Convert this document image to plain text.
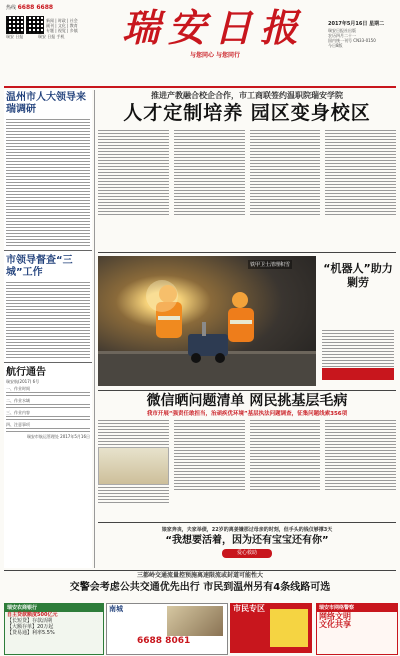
热线 6688 6688
新闻 | 时政 | 社会
副刊 | 文化 | 教育
专题 | 视觉 | 乡镇
瑞安 日报	瑞安 日报 手机	瑞安日报
与您同心 与您同行
2017年5月16日 星期二
瑞安日报社出版
农历四月二十一
国内统一刊号 CN33-0150
今日8版
温州市人大领导来瑞调研
市领导督查“三城”工作
航行通告
瑞安航(2017) 6号
一、作业时间
二、作业水域
三、作业内容
四、注意事项
瑞安市航运管理处 2017年5月16日
推进产教融合校企合作，市工商联签约温职院瑞安学院
人才定制培养 园区变身校区
铁甲卫士清理积雪	“机器人”助力剿劳
微信晒问题清单 网民挑基层毛病
我市开展“强责任敢担当，治顽疾优环境”基层执法问题调查，征集问题线索356项
娘家奔丧，夫家举债，22岁的离姜嫌那过母亲的时刻，但手头的钱仅够撑3天
“我想要活着，因为还有宝宝还有你”
爱心救助
三都岭交通流量控预施离速限流或封道可能性大
交警会考虑公共交通优先出行 市民到温州另有4条线路可选
瑞安农商银行
自主贷款额度500亿元
【长短贷】存款活期
【大额存单】20万起
【贷易通】利率5.5%
南城
6688 8061
市民专区	瑞安市网络警察
网络文明
文化共享
